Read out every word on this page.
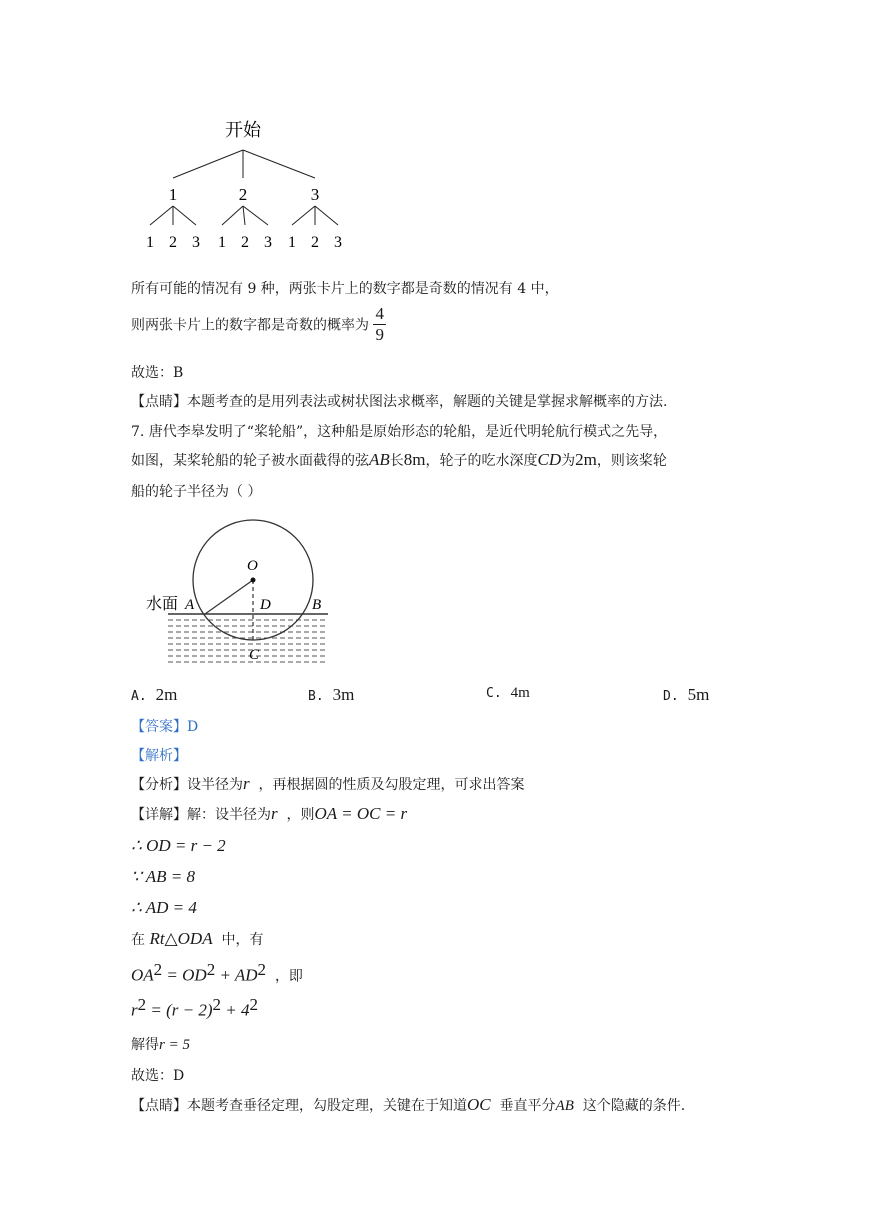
开始
1	2	3
1 2 3 1 2 3 1 2 3
所有可能的情况有 9 种，两张卡片上的数字都是奇数的情况有 4 中，
则两张卡片上的数字都是奇数的概率为 $\frac{4}{9}$
故选：B
【点睛】本题考查的是用列表法或树状图法求概率，解题的关键是掌握求解概率的方法.
7. 唐代李皋发明了“桨轮船”，这种船是原始形态的轮船，是近代明轮航行模式之先导，
如图，某桨轮船的轮子被水面截得的弦AB长8m，轮子的吃水深度CD为2m，则该桨轮
船的轮子半径为（ ）
水面
O
A	D	B
C
A. 2m	B. 3m	C. 4m	D. 5m
【答案】D
【解析】
【分析】设半径为r ，再根据圆的性质及勾股定理，可求出答案
【详解】解：设半径为r ，则OA = OC = r
∴ OD = r − 2
∵ AB = 8
∴ AD = 4
在 Rt△ODA 中，有
$OA^2 = OD^2 + AD^2$ ，即
$r^2 = (r - 2)^2 + 4^2$
解得r = 5
故选：D
【点睛】本题考查垂径定理，勾股定理，关键在于知道OC 垂直平分AB 这个隐藏的条件.
